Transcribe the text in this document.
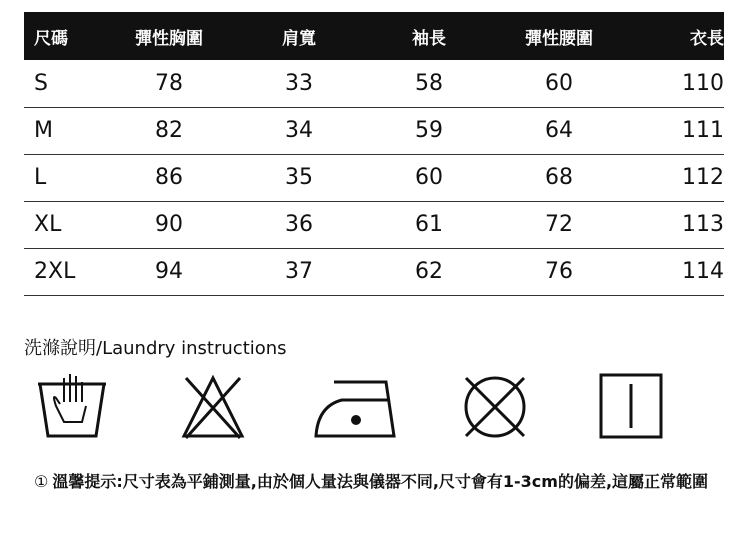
尺碼	彈性胸圍	肩寬	袖長	彈性腰圍	衣長
S	78	33	58	60	110
M	82	34	59	64	111
L	86	35	60	68	112
XL	90	36	61	72	113
2XL	94	37	62	76	114
洗滌說明/Laundry instructions
① 溫馨提示:尺寸表為平鋪測量,由於個人量法與儀器不同,尺寸會有1-3cm的偏差,這屬正常範圍
